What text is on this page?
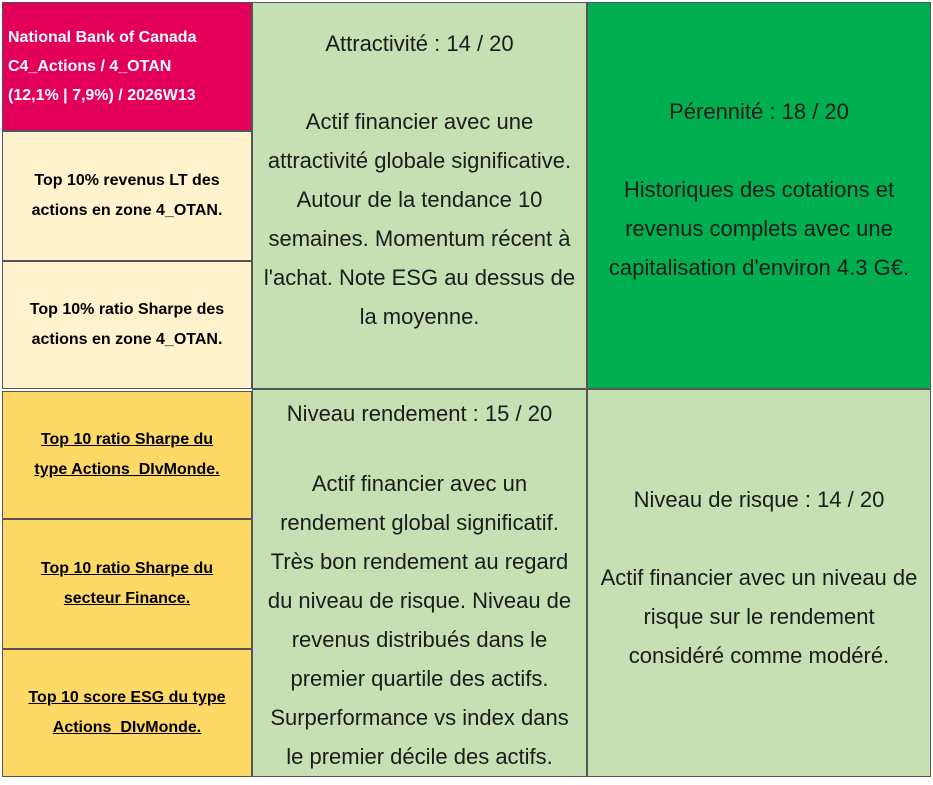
National Bank of Canada
C4_Actions / 4_OTAN
(12,1% | 7,9%) / 2026W13
Top 10% revenus LT des actions en zone 4_OTAN.
Top 10% ratio Sharpe des actions en zone 4_OTAN.
Top 10 ratio Sharpe du type Actions_DIvMonde.
Top 10 ratio Sharpe du secteur Finance.
Top 10 score ESG du type Actions_DIvMonde.
Attractivité : 14 / 20
Actif financier avec une attractivité globale significative. Autour de la tendance 10 semaines. Momentum récent à l'achat. Note ESG au dessus de la moyenne.
Pérennité : 18 / 20
Historiques des cotations et revenus complets avec une capitalisation d'environ 4.3 G€.
Niveau rendement : 15 / 20
Actif financier avec un rendement global significatif. Très bon rendement au regard du niveau de risque. Niveau de revenus distribués dans le premier quartile des actifs. Surperformance vs index dans le premier décile des actifs.
Niveau de risque : 14 / 20
Actif financier avec un niveau de risque sur le rendement considéré comme modéré.
